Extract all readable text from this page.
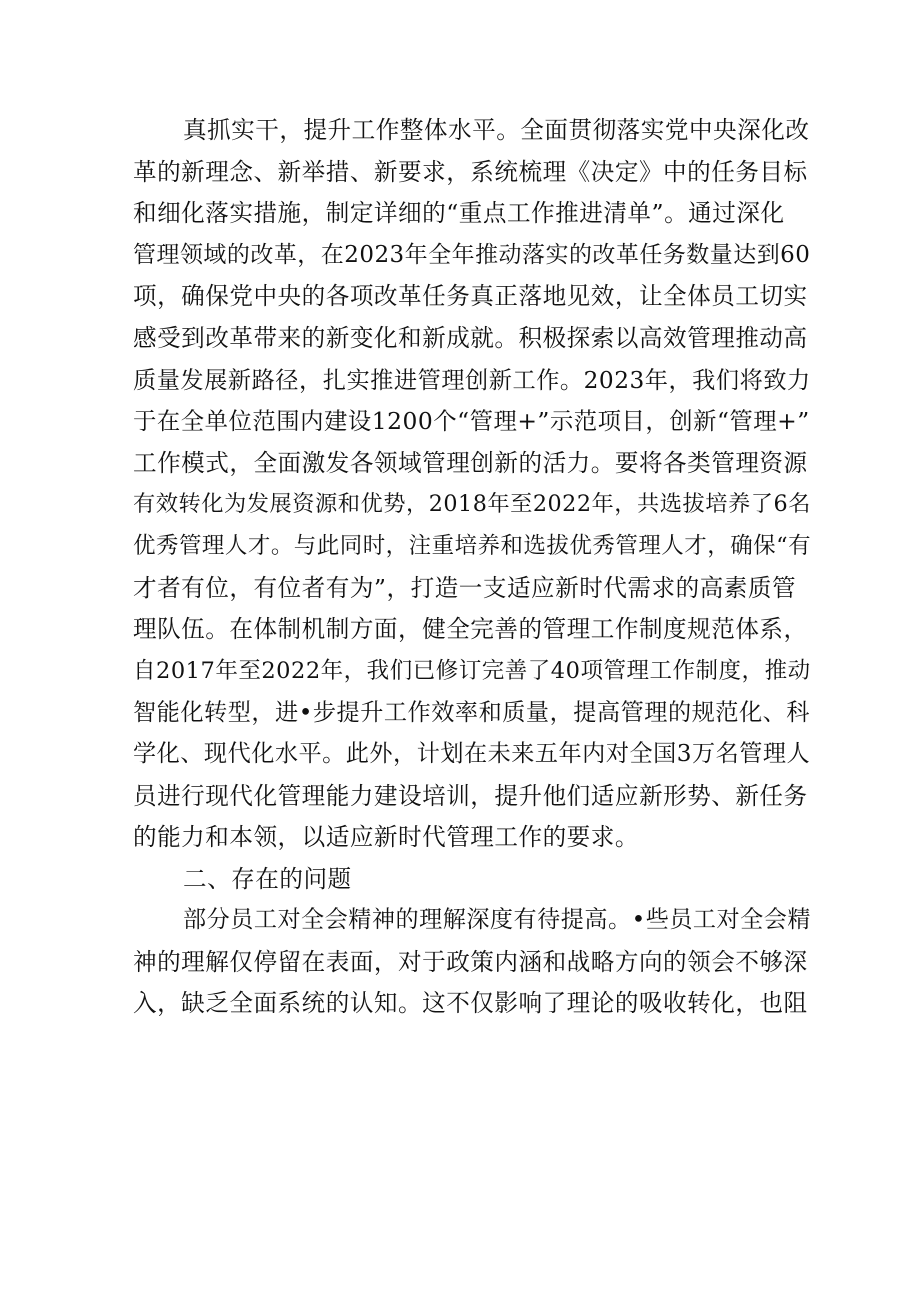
真抓实干，提升工作整体水平。全面贯彻落实党中央深化改
革的新理念、新举措、新要求，系统梳理《决定》中的任务目标
和细化落实措施，制定详细的“重点工作推进清单”。通过深化
管理领域的改革，在2023年全年推动落实的改革任务数量达到60
项，确保党中央的各项改革任务真正落地见效，让全体员工切实
感受到改革带来的新变化和新成就。积极探索以高效管理推动高
质量发展新路径，扎实推进管理创新工作。2023年，我们将致力
于在全单位范围内建设1200个“管理+”示范项目，创新“管理+”
工作模式，全面激发各领域管理创新的活力。要将各类管理资源
有效转化为发展资源和优势，2018年至2022年，共选拔培养了6名
优秀管理人才。与此同时，注重培养和选拔优秀管理人才，确保“有
才者有位，有位者有为”，打造一支适应新时代需求的高素质管
理队伍。在体制机制方面，健全完善的管理工作制度规范体系，
自2017年至2022年，我们已修订完善了40项管理工作制度，推动
智能化转型，进•步提升工作效率和质量，提高管理的规范化、科
学化、现代化水平。此外，计划在未来五年内对全国3万名管理人
员进行现代化管理能力建设培训，提升他们适应新形势、新任务
的能力和本领，以适应新时代管理工作的要求。
二、存在的问题
部分员工对全会精神的理解深度有待提高。•些员工对全会精
神的理解仅停留在表面，对于政策内涵和战略方向的领会不够深
入，缺乏全面系统的认知。这不仅影响了理论的吸收转化，也阻
